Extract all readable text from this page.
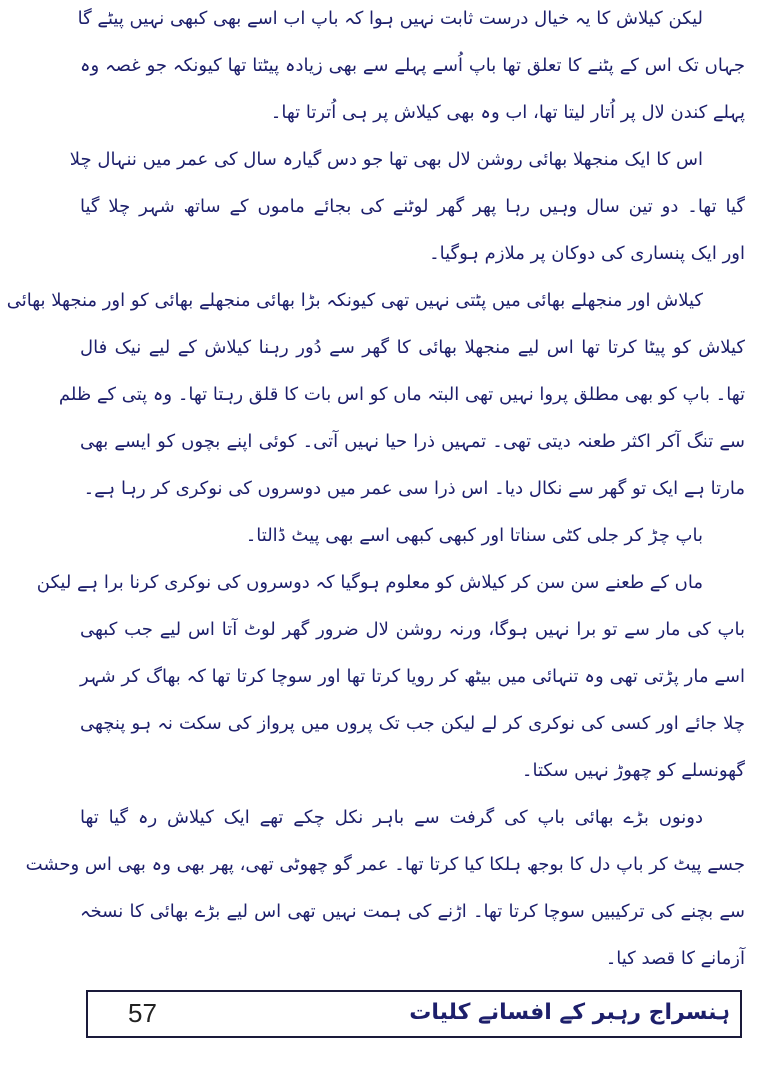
لیکن کیلاش کا یہ خیال درست ثابت نہیں ہوا کہ باپ اب اسے بھی کبھی نہیں پیٹے گا
جہاں تک اس کے پٹنے کا تعلق تھا باپ اُسے پہلے سے بھی زیادہ پیٹتا تھا کیونکہ جو غصہ وہ
پہلے کندن لال پر اُتار لیتا تھا، اب وہ بھی کیلاش پر ہی اُترتا تھا۔
اس کا ایک منجھلا بھائی روشن لال بھی تھا جو دس گیارہ سال کی عمر میں ننہال چلا
گیا تھا۔ دو تین سال وہیں رہا پھر گھر لوٹنے کی بجائے ماموں کے ساتھ شہر چلا گیا
اور ایک پنساری کی دوکان پر ملازم ہوگیا۔
کیلاش اور منجھلے بھائی میں پٹتی نہیں تھی کیونکہ بڑا بھائی منجھلے بھائی کو اور منجھلا بھائی
کیلاش کو پیٹا کرتا تھا اس لیے منجھلا بھائی کا گھر سے دُور رہنا کیلاش کے لیے نیک فال
تھا۔ باپ کو بھی مطلق پروا نہیں تھی البتہ ماں کو اس بات کا قلق رہتا تھا۔ وہ پتی کے ظلم
سے تنگ آکر اکثر طعنہ دیتی تھی۔ تمہیں ذرا حیا نہیں آتی۔ کوئی اپنے بچوں کو ایسے بھی
مارتا ہے ایک تو گھر سے نکال دیا۔ اس ذرا سی عمر میں دوسروں کی نوکری کر رہا ہے۔
باپ چڑ کر جلی کٹی سناتا اور کبھی کبھی اسے بھی پیٹ ڈالتا۔
ماں کے طعنے سن سن کر کیلاش کو معلوم ہوگیا کہ دوسروں کی نوکری کرنا برا ہے لیکن
باپ کی مار سے تو برا نہیں ہوگا، ورنہ روشن لال ضرور گھر لوٹ آتا اس لیے جب کبھی
اسے مار پڑتی تھی وہ تنہائی میں بیٹھ کر رویا کرتا تھا اور سوچا کرتا تھا کہ بھاگ کر شہر
چلا جائے اور کسی کی نوکری کر لے لیکن جب تک پروں میں پرواز کی سکت نہ ہو پنچھی
گھونسلے کو چھوڑ نہیں سکتا۔
دونوں بڑے بھائی باپ کی گرفت سے باہر نکل چکے تھے ایک کیلاش رہ گیا تھا
جسے پیٹ کر باپ دل کا بوجھ ہلکا کیا کرتا تھا۔ عمر گو چھوٹی تھی، پھر بھی وہ بھی اس وحشت
سے بچنے کی ترکیبیں سوچا کرتا تھا۔ اڑنے کی ہمت نہیں تھی اس لیے بڑے بھائی کا نسخہ
آزمانے کا قصد کیا۔
ہنسراج رہبر کے افسانے کلیات
57
